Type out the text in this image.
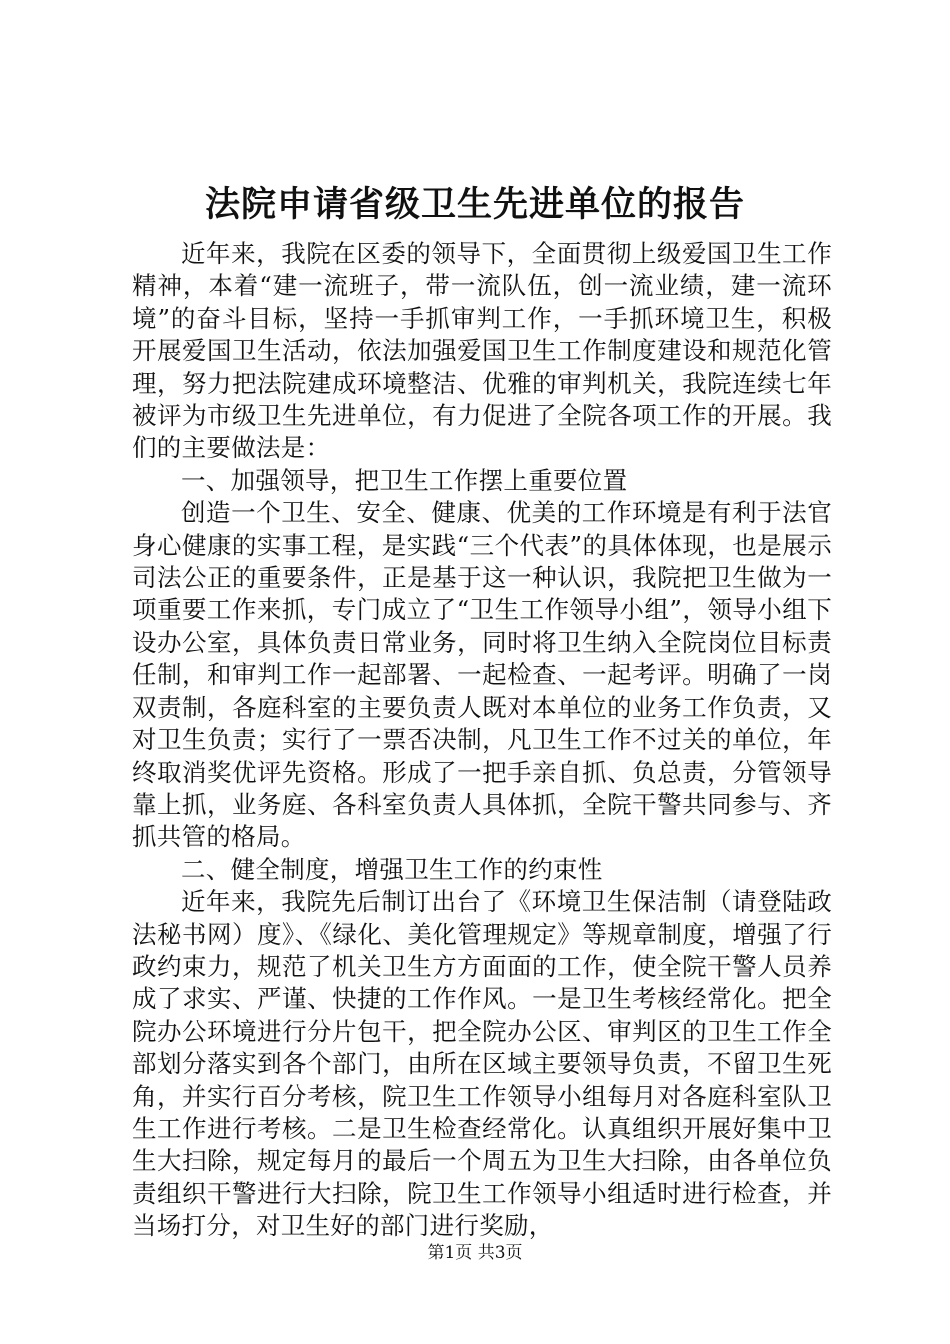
法院申请省级卫生先进单位的报告

近年来，我院在区委的领导下，全面贯彻上级爱国卫生工作精神，本着“建一流班子，带一流队伍，创一流业绩，建一流环境”的奋斗目标，坚持一手抓审判工作，一手抓环境卫生，积极开展爱国卫生活动，依法加强爱国卫生工作制度建设和规范化管理，努力把法院建成环境整洁、优雅的审判机关，我院连续七年被评为市级卫生先进单位，有力促进了全院各项工作的开展。我们的主要做法是：

一、加强领导，把卫生工作摆上重要位置

创造一个卫生、安全、健康、优美的工作环境是有利于法官身心健康的实事工程，是实践“三个代表”的具体体现，也是展示司法公正的重要条件，正是基于这一种认识，我院把卫生做为一项重要工作来抓，专门成立了“卫生工作领导小组”，领导小组下设办公室，具体负责日常业务，同时将卫生纳入全院岗位目标责任制，和审判工作一起部署、一起检查、一起考评。明确了一岗双责制，各庭科室的主要负责人既对本单位的业务工作负责，又对卫生负责；实行了一票否决制，凡卫生工作不过关的单位，年终取消奖优评先资格。形成了一把手亲自抓、负总责，分管领导靠上抓，业务庭、各科室负责人具体抓，全院干警共同参与、齐抓共管的格局。

二、健全制度，增强卫生工作的约束性

近年来，我院先后制订出台了《环境卫生保洁制（请登陆政法秘书网）度》、《绿化、美化管理规定》等规章制度，增强了行政约束力，规范了机关卫生方方面面的工作，使全院干警人员养成了求实、严谨、快捷的工作作风。一是卫生考核经常化。把全院办公环境进行分片包干，把全院办公区、审判区的卫生工作全部划分落实到各个部门，由所在区域主要领导负责，不留卫生死角，并实行百分考核，院卫生工作领导小组每月对各庭科室队卫生工作进行考核。二是卫生检查经常化。认真组织开展好集中卫生大扫除，规定每月的最后一个周五为卫生大扫除，由各单位负责组织干警进行大扫除，院卫生工作领导小组适时进行检查，并当场打分，对卫生好的部门进行奖励，

第1页 共3页
